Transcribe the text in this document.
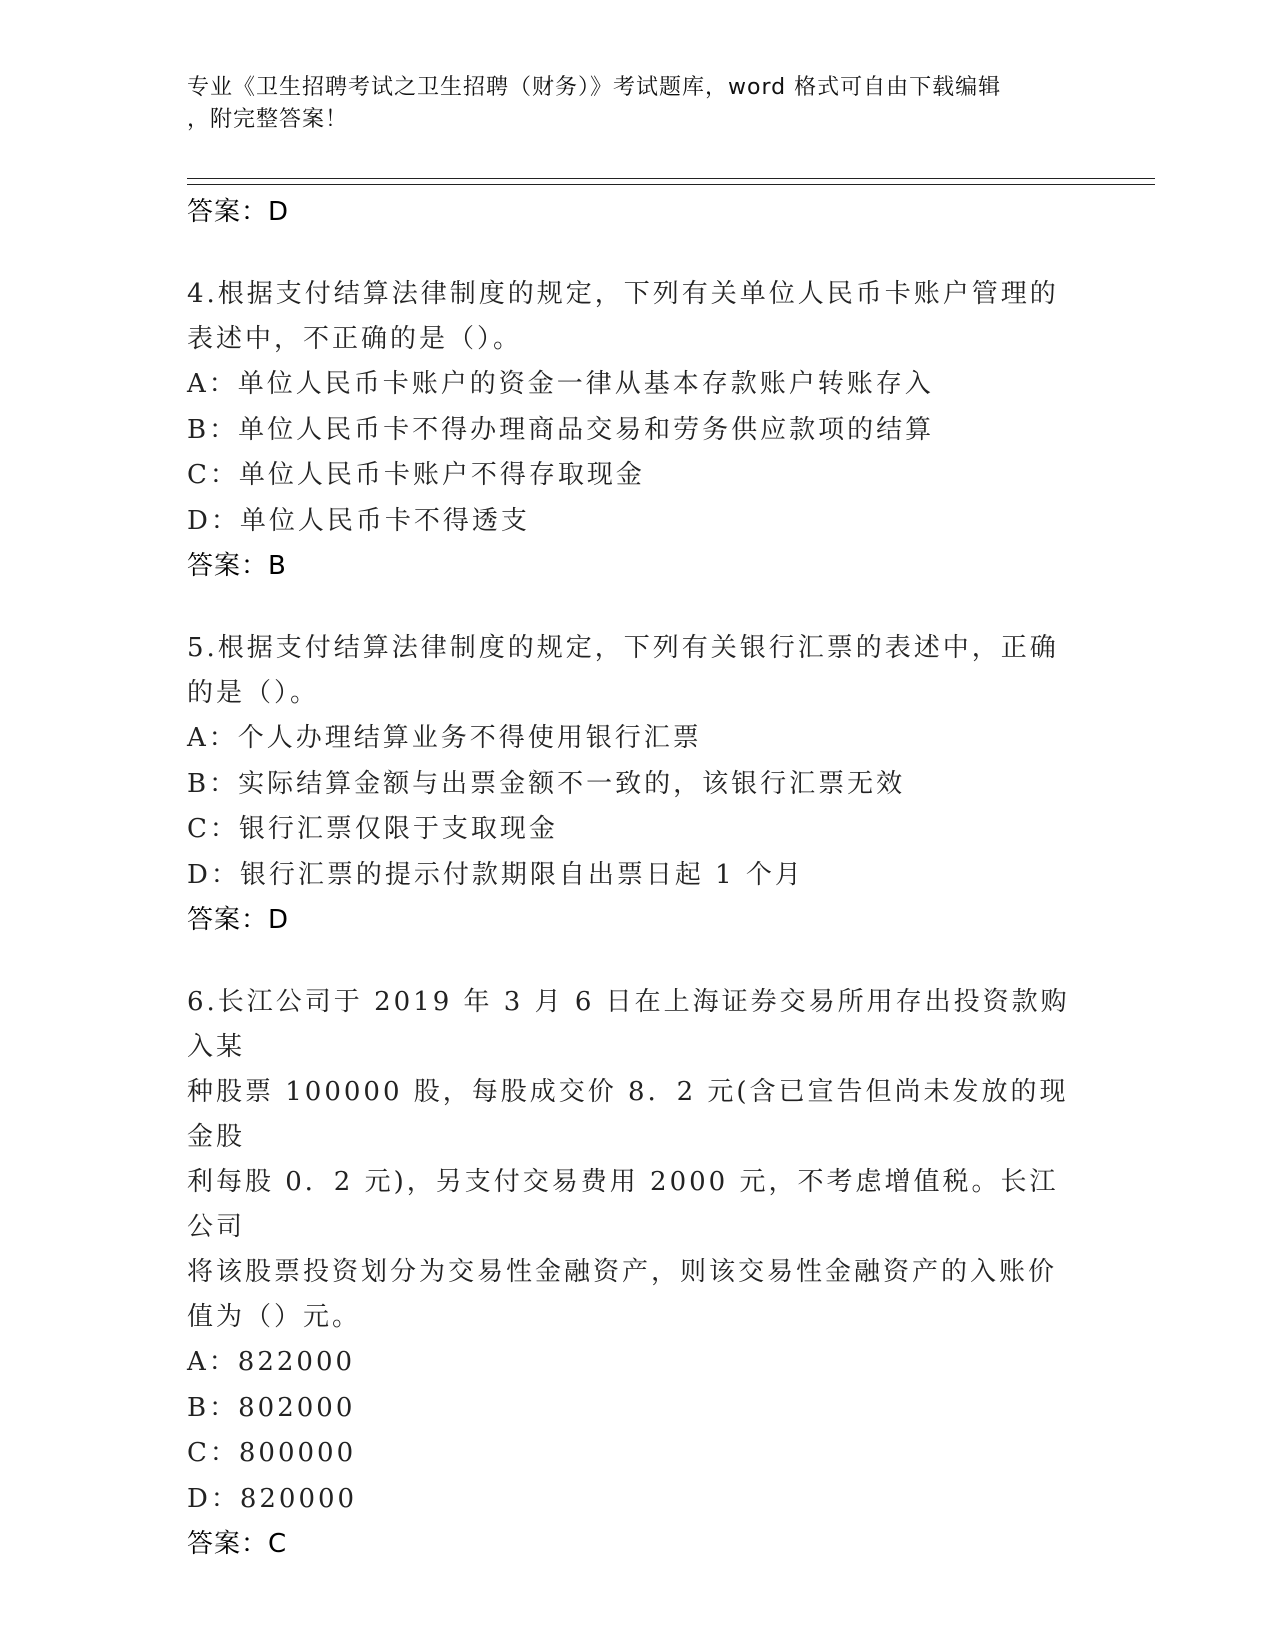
专业《卫生招聘考试之卫生招聘（财务）》考试题库，word 格式可自由下载编辑
，附完整答案！
答案：D
4.根据支付结算法律制度的规定，下列有关单位人民币卡账户管理的
表述中，不正确的是（）。
A：单位人民币卡账户的资金一律从基本存款账户转账存入
B：单位人民币卡不得办理商品交易和劳务供应款项的结算
C：单位人民币卡账户不得存取现金
D：单位人民币卡不得透支
答案：B
5.根据支付结算法律制度的规定，下列有关银行汇票的表述中，正确
的是（）。
A：个人办理结算业务不得使用银行汇票
B：实际结算金额与出票金额不一致的，该银行汇票无效
C：银行汇票仅限于支取现金
D：银行汇票的提示付款期限自出票日起 1 个月
答案：D
6.长江公司于 2019 年 3 月 6 日在上海证券交易所用存出投资款购入某
种股票 100000 股，每股成交价 8．2 元(含已宣告但尚未发放的现金股
利每股 0．2 元)，另支付交易费用 2000 元，不考虑增值税。长江公司
将该股票投资划分为交易性金融资产，则该交易性金融资产的入账价
值为（）元。
A：822000
B：802000
C：800000
D：820000
答案：C
